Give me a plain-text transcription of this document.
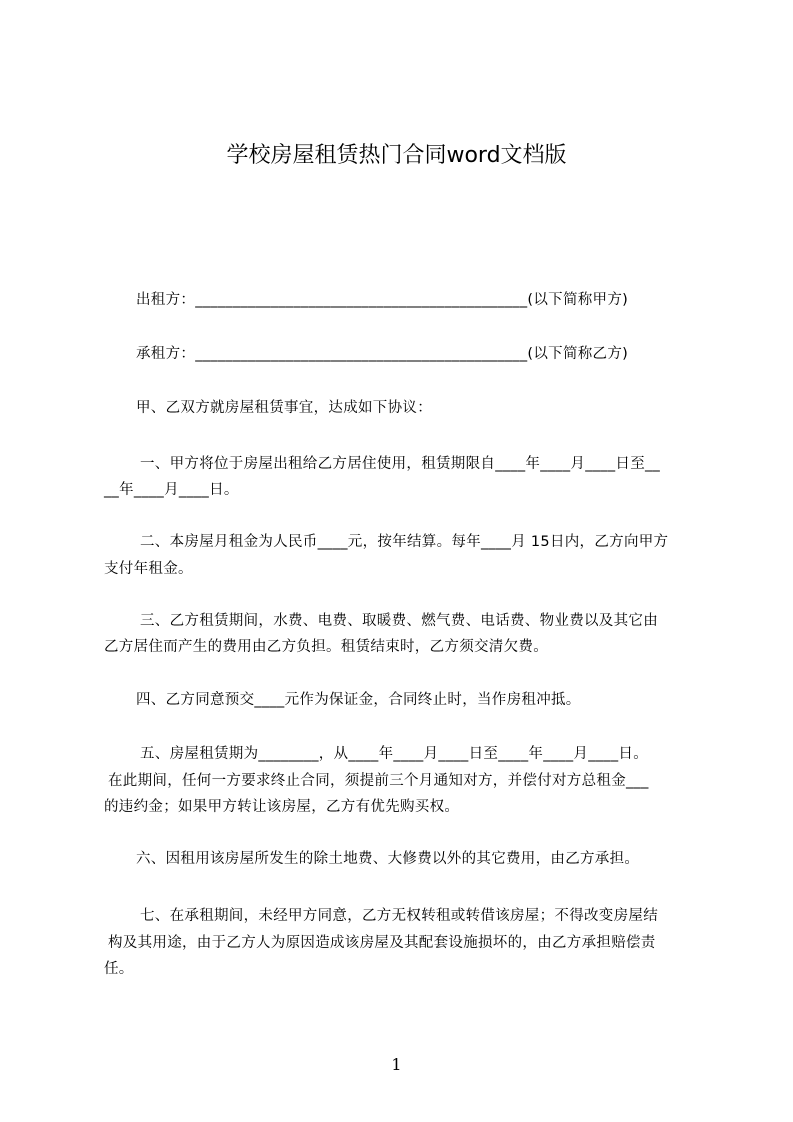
学校房屋租赁热门合同word文档版
出租方：____________________________________________(以下简称甲方)
承租方：____________________________________________(以下简称乙方)
甲、乙双方就房屋租赁事宜，达成如下协议：
一、甲方将位于房屋出租给乙方居住使用，租赁期限自____年____月____日至__
__年____月____日。
二、本房屋月租金为人民币____元，按年结算。每年____月 15日内，乙方向甲方
支付年租金。
三、乙方租赁期间，水费、电费、取暖费、燃气费、电话费、物业费以及其它由
乙方居住而产生的费用由乙方负担。租赁结束时，乙方须交清欠费。
四、乙方同意预交____元作为保证金，合同终止时，当作房租冲抵。
五、房屋租赁期为________，从____年____月____日至____年____月____日。
在此期间，任何一方要求终止合同，须提前三个月通知对方，并偿付对方总租金___
的违约金；如果甲方转让该房屋，乙方有优先购买权。
六、因租用该房屋所发生的除土地费、大修费以外的其它费用，由乙方承担。
七、在承租期间，未经甲方同意，乙方无权转租或转借该房屋；不得改变房屋结
构及其用途，由于乙方人为原因造成该房屋及其配套设施损坏的，由乙方承担赔偿责
任。
1
